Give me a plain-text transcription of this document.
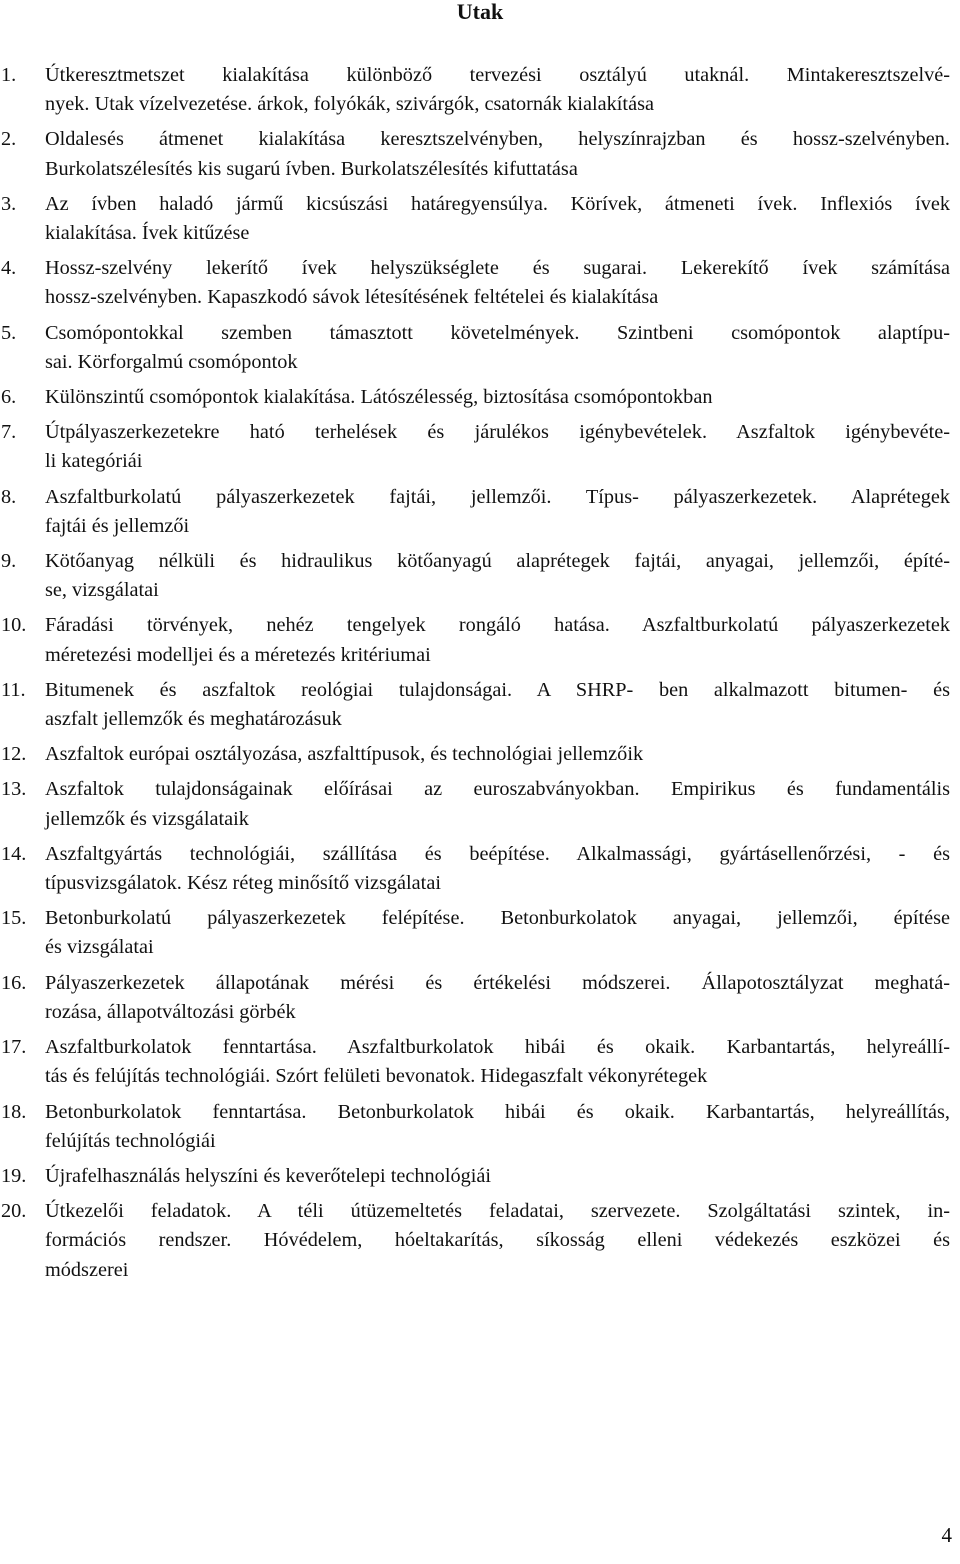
Utak
1. Útkeresztmetszet kialakítása különböző tervezési osztályú utaknál. Mintakeresztszelvé-
nyek. Utak vízelvezetése. árkok, folyókák, szivárgók, csatornák kialakítása
2. Oldalesés átmenet kialakítása keresztszelvényben, helyszínrajzban és hossz-szelvényben.
Burkolatszélesítés kis sugarú ívben. Burkolatszélesítés kifuttatása
3. Az ívben haladó jármű kicsúszási határegyensúlya. Körívek, átmeneti ívek. Inflexiós ívek
kialakítása. Ívek kitűzése
4. Hossz-szelvény lekerítő ívek helyszükséglete és sugarai. Lekerekítő ívek számítása
hossz-szelvényben. Kapaszkodó sávok létesítésének feltételei és kialakítása
5. Csomópontokkal szemben támasztott követelmények. Szintbeni csomópontok alaptípu-
sai. Körforgalmú csomópontok
6. Különszintű csomópontok kialakítása. Látószélesség, biztosítása csomópontokban
7. Útpályaszerkezetekre ható terhelések és járulékos igénybevételek. Aszfaltok igénybevéte-
li kategóriái
8. Aszfaltburkolatú pályaszerkezetek fajtái, jellemzői. Típus- pályaszerkezetek. Alaprétegek
fajtái és jellemzői
9. Kötőanyag nélküli és hidraulikus kötőanyagú alaprétegek fajtái, anyagai, jellemzői, építé-
se, vizsgálatai
10. Fáradási törvények, nehéz tengelyek rongáló hatása. Aszfaltburkolatú pályaszerkezetek
méretezési modelljei és a méretezés kritériumai
11. Bitumenek és aszfaltok reológiai tulajdonságai. A SHRP- ben alkalmazott bitumen- és
aszfalt jellemzők és meghatározásuk
12. Aszfaltok európai osztályozása, aszfalttípusok, és technológiai jellemzőik
13. Aszfaltok tulajdonságainak előírásai az euroszabványokban. Empirikus és fundamentális
jellemzők és vizsgálataik
14. Aszfaltgyártás technológiái, szállítása és beépítése. Alkalmassági, gyártásellenőrzési, - és
típusvizsgálatok. Kész réteg minősítő vizsgálatai
15. Betonburkolatú pályaszerkezetek felépítése. Betonburkolatok anyagai, jellemzői, építése
és vizsgálatai
16. Pályaszerkezetek állapotának mérési és értékelési módszerei. Állapotosztályzat meghatá-
rozása, állapotváltozási görbék
17. Aszfaltburkolatok fenntartása. Aszfaltburkolatok hibái és okaik. Karbantartás, helyreállí-
tás és felújítás technológiái. Szórt felületi bevonatok. Hidegaszfalt vékonyrétegek
18. Betonburkolatok fenntartása. Betonburkolatok hibái és okaik. Karbantartás, helyreállítás,
felújítás technológiái
19. Újrafelhasználás helyszíni és keverőtelepi technológiái
20. Útkezelői feladatok. A téli útüzemeltetés feladatai, szervezete. Szolgáltatási szintek, in-
formációs rendszer. Hóvédelem, hóeltakarítás, síkosság elleni védekezés eszközei és
módszerei
4
